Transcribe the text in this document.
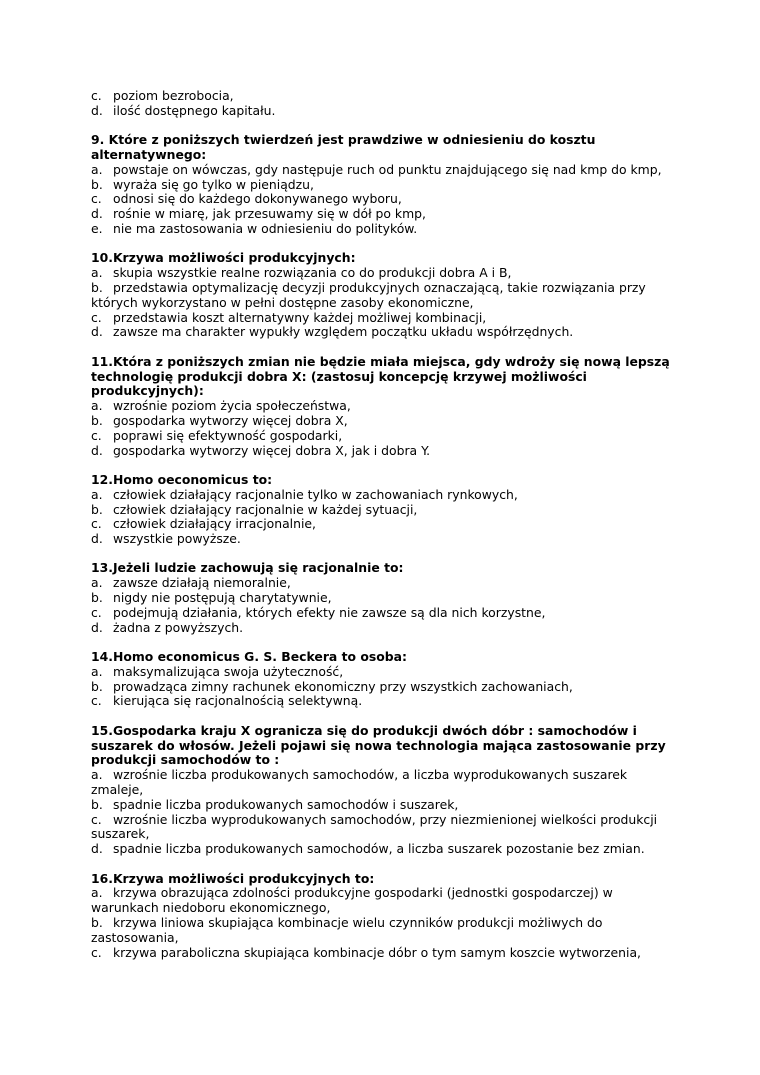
c. poziom bezrobocia,
d. ilość dostępnego kapitału.
9. Które z poniższych twierdzeń jest prawdziwe w odniesieniu do kosztu alternatywnego:
a. powstaje on wówczas, gdy następuje ruch od punktu znajdującego się nad kmp do kmp,
b. wyraża się go tylko w pieniądzu,
c. odnosi się do każdego dokonywanego wyboru,
d. rośnie w miarę, jak przesuwamy się w dół po kmp,
e. nie ma zastosowania w odniesieniu do polityków.
10.Krzywa możliwości produkcyjnych:
a. skupia wszystkie realne rozwiązania co do produkcji dobra A i B,
b. przedstawia optymalizację decyzji produkcyjnych oznaczającą, takie rozwiązania przy których wykorzystano w pełni dostępne zasoby ekonomiczne,
c. przedstawia koszt alternatywny każdej możliwej kombinacji,
d. zawsze ma charakter wypukły względem początku układu współrzędnych.
11.Która z poniższych zmian nie będzie miała miejsca, gdy wdroży się nową lepszą technologię produkcji dobra X: (zastosuj koncepcję krzywej możliwości produkcyjnych):
a. wzrośnie poziom życia społeczeństwa,
b. gospodarka wytworzy więcej dobra X,
c. poprawi się efektywność gospodarki,
d. gospodarka wytworzy więcej dobra X, jak i dobra Y.
12.Homo oeconomicus to:
a. człowiek działający racjonalnie tylko w zachowaniach rynkowych,
b. człowiek działający racjonalnie w każdej sytuacji,
c. człowiek działający irracjonalnie,
d. wszystkie powyższe.
13.Jeżeli ludzie zachowują się racjonalnie to:
a. zawsze działają niemoralnie,
b. nigdy nie postępują charytatywnie,
c. podejmują działania, których efekty nie zawsze są dla nich korzystne,
d. żadna z powyższych.
14.Homo economicus G. S. Beckera to osoba:
a. maksymalizująca swoja użyteczność,
b. prowadząca zimny rachunek ekonomiczny przy wszystkich zachowaniach,
c. kierująca się racjonalnością selektywną.
15.Gospodarka kraju X ogranicza się do produkcji dwóch dóbr : samochodów i suszarek do włosów. Jeżeli pojawi się nowa technologia mająca zastosowanie przy produkcji samochodów to :
a. wzrośnie liczba produkowanych samochodów, a liczba wyprodukowanych suszarek zmaleje,
b. spadnie liczba produkowanych samochodów i suszarek,
c. wzrośnie liczba wyprodukowanych samochodów, przy niezmienionej wielkości produkcji suszarek,
d. spadnie liczba produkowanych samochodów, a liczba suszarek pozostanie bez zmian.
16.Krzywa możliwości produkcyjnych to:
a. krzywa obrazująca zdolności produkcyjne gospodarki (jednostki gospodarczej) w warunkach niedoboru ekonomicznego,
b. krzywa liniowa skupiająca kombinacje wielu czynników produkcji możliwych do zastosowania,
c. krzywa paraboliczna skupiająca kombinacje dóbr o tym samym koszcie wytworzenia,
